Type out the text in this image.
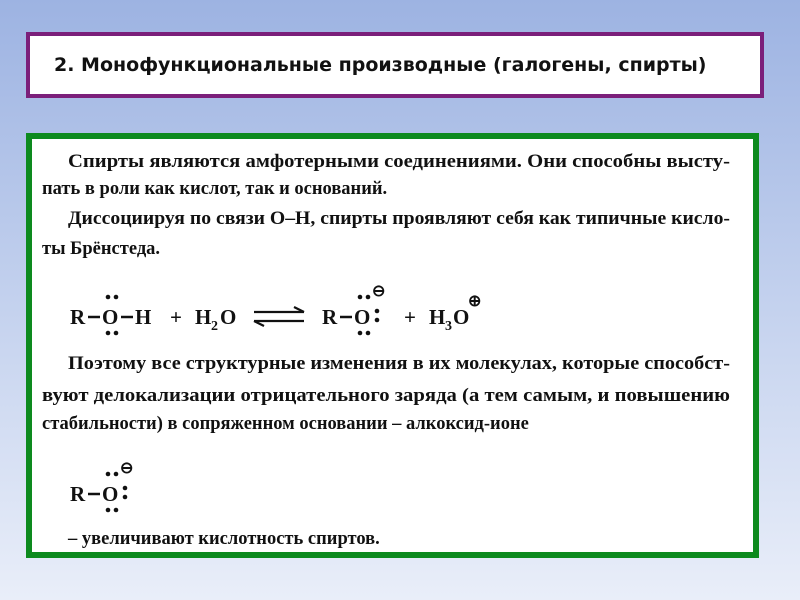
2. Монофункциональные производные (галогены, спирты)
Спирты являются амфотерными соединениями. Они способны высту-
пать в роли как кислот, так и оснований.
Диссоциируя по связи О–Н, спирты проявляют себя как типичные кисло-
ты Брёнстеда.
R O H + H 2 O	R O
⊖
+ H 3 O
⊕
Поэтому все структурные изменения в их молекулах, которые способст-
вуют делокализации отрицательного заряда (а тем самым, и повышению
стабильности) в сопряженном основании – алкоксид-ионе
R O
⊖
– увеличивают кислотность спиртов.
